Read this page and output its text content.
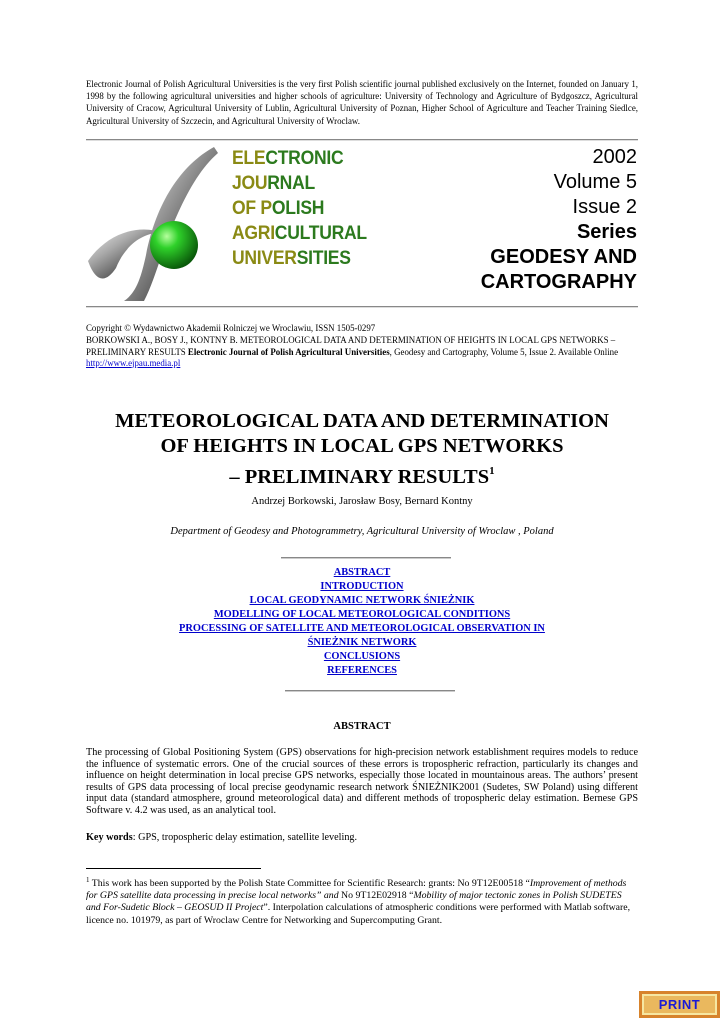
Electronic Journal of Polish Agricultural Universities is the very first Polish scientific journal published exclusively on the Internet, founded on January 1, 1998 by the following agricultural universities and higher schools of agriculture: University of Technology and Agriculture of Bydgoszcz, Agricultural University of Cracow, Agricultural University of Lublin, Agricultural University of Poznan, Higher School of Agriculture and Teacher Training Siedlce, Agricultural University of Szczecin, and Agricultural University of Wroclaw.
ELECTRONIC
JOURNAL
OF POLISH
AGRICULTURAL
UNIVERSITIES
2002
Volume 5
Issue 2
Series
GEODESY AND
CARTOGRAPHY
Copyright © Wydawnictwo Akademii Rolniczej we Wroclawiu, ISSN 1505-0297
BORKOWSKI A., BOSY J., KONTNY B. METEOROLOGICAL DATA AND DETERMINATION OF HEIGHTS IN LOCAL GPS NETWORKS – PRELIMINARY RESULTS Electronic Journal of Polish Agricultural Universities, Geodesy and Cartography, Volume 5, Issue 2. Available Online http://www.ejpau.media.pl
METEOROLOGICAL DATA AND DETERMINATION
OF HEIGHTS IN LOCAL GPS NETWORKS
– PRELIMINARY RESULTS$^1$
Andrzej Borkowski, Jarosław Bosy, Bernard Kontny
Department of Geodesy and Photogrammetry, Agricultural University of Wroclaw , Poland
ABSTRACT
INTRODUCTION
LOCAL GEODYNAMIC NETWORK ŚNIEŻNIK
MODELLING OF LOCAL METEOROLOGICAL CONDITIONS
PROCESSING OF SATELLITE AND METEOROLOGICAL OBSERVATION IN
ŚNIEŻNIK NETWORK
CONCLUSIONS
REFERENCES
ABSTRACT
The processing of Global Positioning System (GPS) observations for high-precision network establishment requires models to reduce the influence of systematic errors. One of the crucial sources of these errors is tropospheric refraction, particularly its changes and influence on height determination in local precise GPS networks, especially those located in mountainous areas. The authors’ present results of GPS data processing of local precise geodynamic research network ŚNIEŻNIK2001 (Sudetes, SW Poland) using different input data (standard atmosphere, ground meteorological data) and different methods of tropospheric delay estimation. Bernese GPS Software v. 4.2 was used, as an analytical tool.
Key words: GPS, tropospheric delay estimation, satellite leveling.
$^1$ This work has been supported by the Polish State Committee for Scientific Research: grants: No 9T12E00518 “Improvement of methods for GPS satellite data processing in precise local networks” and No 9T12E02918 “Mobility of major tectonic zones in Polish SUDETES and For-Sudetic Block – GEOSUD II Project”. Interpolation calculations of atmospheric conditions were performed with Matlab software, licence no. 101979, as part of Wroclaw Centre for Networking and Supercomputing Grant.
PRINT
